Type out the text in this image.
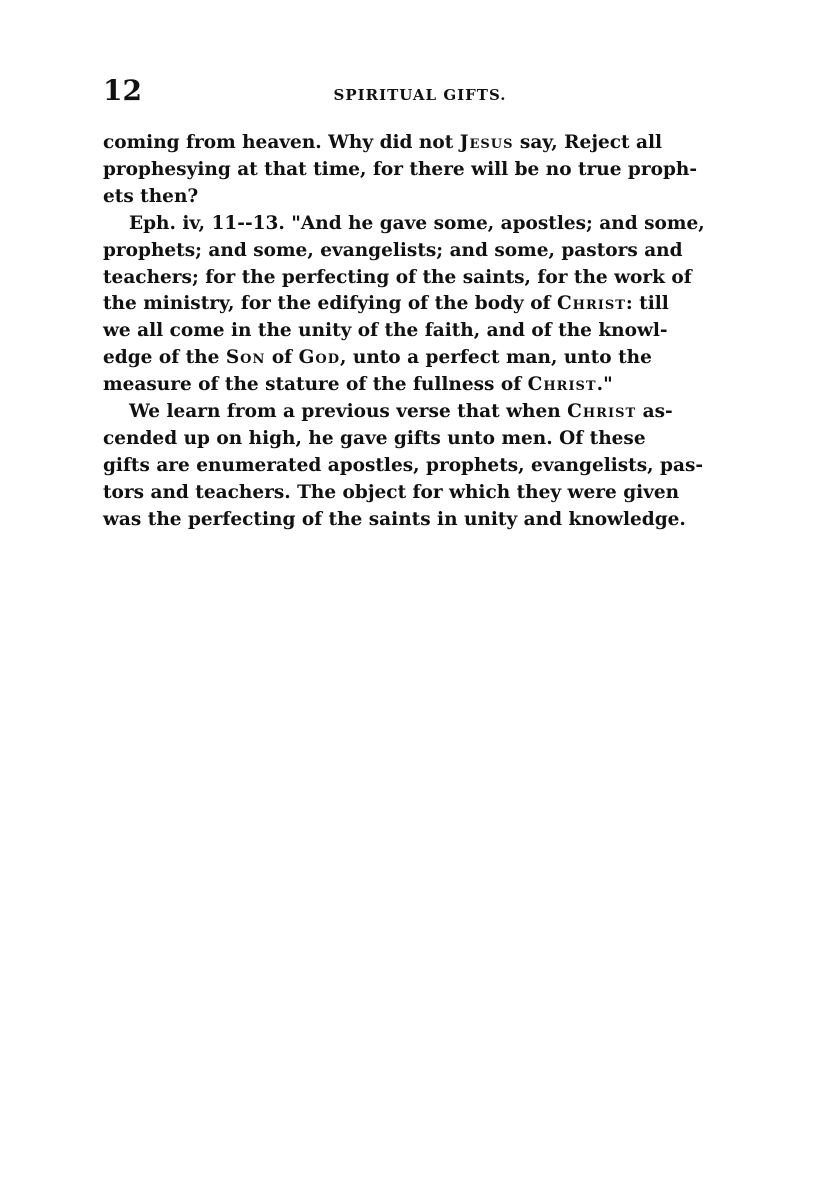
12	SPIRITUAL GIFTS.
coming from heaven. Why did not Jesus say, Reject all
prophesying at that time, for there will be no true proph-
ets then?
Eph. iv, 11--13. "And he gave some, apostles; and some,
prophets; and some, evangelists; and some, pastors and
teachers; for the perfecting of the saints, for the work of
the ministry, for the edifying of the body of Christ: till
we all come in the unity of the faith, and of the knowl-
edge of the Son of God, unto a perfect man, unto the
measure of the stature of the fullness of Christ."
We learn from a previous verse that when Christ as-
cended up on high, he gave gifts unto men. Of these
gifts are enumerated apostles, prophets, evangelists, pas-
tors and teachers. The object for which they were given
was the perfecting of the saints in unity and knowledge.
